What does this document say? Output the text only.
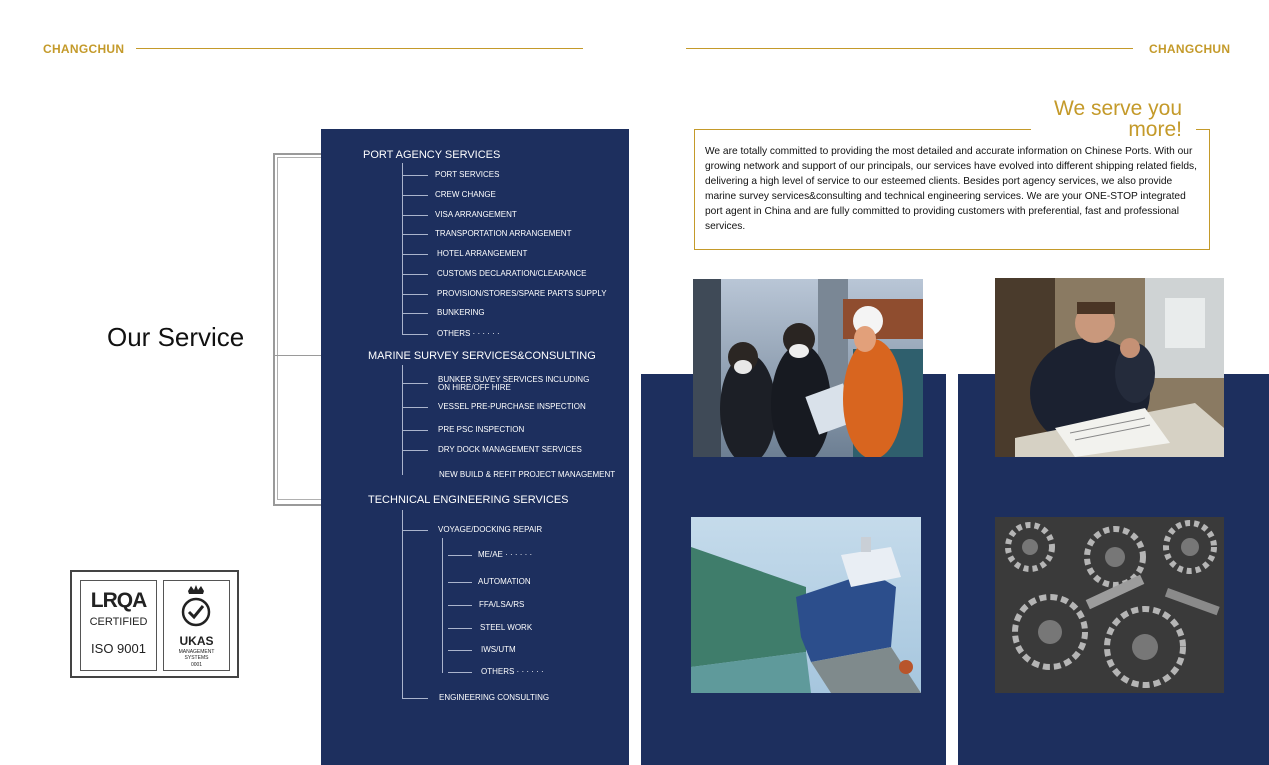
CHANGCHUN	CHANGCHUN
Our Service
PORT AGENCY SERVICES
PORT SERVICES
CREW CHANGE
VISA ARRANGEMENT
TRANSPORTATION ARRANGEMENT
HOTEL ARRANGEMENT
CUSTOMS DECLARATION/CLEARANCE
PROVISION/STORES/SPARE PARTS SUPPLY
BUNKERING
OTHERS · · · · · ·
MARINE SURVEY SERVICES&CONSULTING
BUNKER SUVEY SERVICES INCLUDING
ON HIRE/OFF HIRE
VESSEL PRE-PURCHASE INSPECTION
PRE PSC INSPECTION
DRY DOCK MANAGEMENT SERVICES
NEW BUILD & REFIT PROJECT MANAGEMENT
TECHNICAL ENGINEERING SERVICES
VOYAGE/DOCKING REPAIR
ME/AE · · · · · ·
AUTOMATION
FFA/LSA/RS
STEEL WORK
IWS/UTM
OTHERS · · · · · ·
ENGINEERING CONSULTING
LRQA
CERTIFIED
ISO 9001	UKAS
MANAGEMENT
SYSTEMS
0001
We serve you
more!
We are totally committed to providing the most detailed and accurate information on Chinese Ports. With our growing network and support of our principals, our services have evolved into different shipping related fields, delivering a high level of service to our esteemed clients. Besides port agency services, we also provide marine survey services&consulting and technical engineering services. We are your ONE-STOP integrated port agent in China and are fully committed to providing customers with preferential, fast and professional services.
